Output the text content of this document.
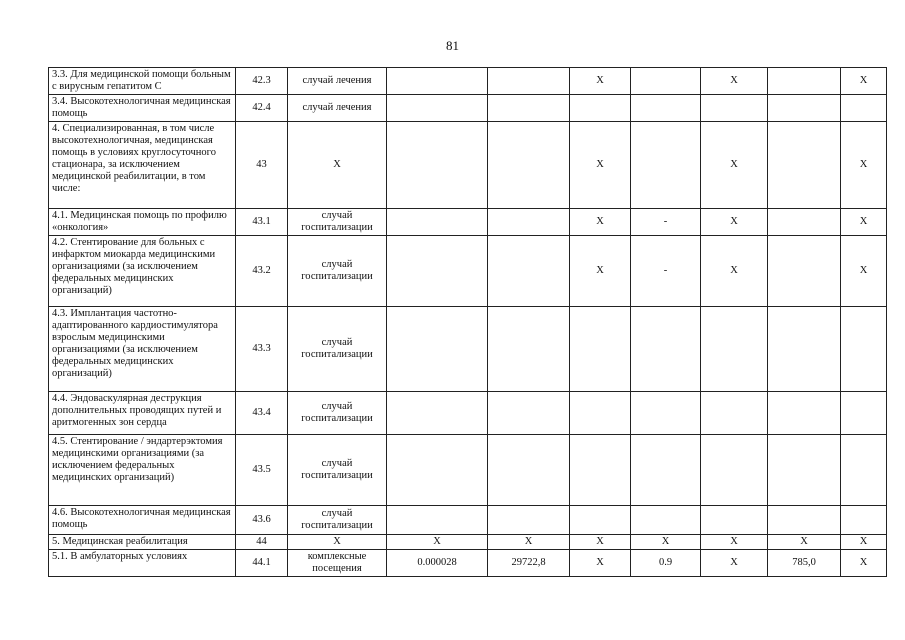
81
3.3. Для медицинской помощи больным с вирусным гепатитом С	42.3	случай лечения			Х		Х		Х
3.4. Высокотехнологичная медицинская помощь	42.4	случай лечения							
4. Специализированная, в том числе высокотехнологичная, медицинская помощь в условиях круглосуточного стационара, за исключением медицинской реабилитации, в том числе:	43	Х			Х		Х		Х
4.1. Медицинская помощь по профилю «онкология»	43.1	случай госпитализации			Х	-	Х		Х
4.2. Стентирование для больных с инфарктом миокарда медицинскими организациями (за исключением федеральных медицинских организаций)	43.2	случай госпитализации			Х	-	Х		Х
4.3. Имплантация частотно-адаптированного кардиостимулятора взрослым медицинскими организациями (за исключением федеральных медицинских организаций)	43.3	случай госпитализации							
4.4. Эндоваскулярная деструкция дополнительных проводящих путей и аритмогенных зон сердца	43.4	случай госпитализации							
4.5. Стентирование / эндартерэктомия медицинскими организациями (за исключением федеральных медицинских организаций)	43.5	случай госпитализации							
4.6. Высокотехнологичная медицинская помощь	43.6	случай госпитализации							
5. Медицинская реабилитация	44	Х	Х	Х	Х	Х	Х	Х	Х
5.1. В амбулаторных условиях	44.1	комплексные посещения	0.000028	29722,8	Х	0.9	Х	785,0	Х
